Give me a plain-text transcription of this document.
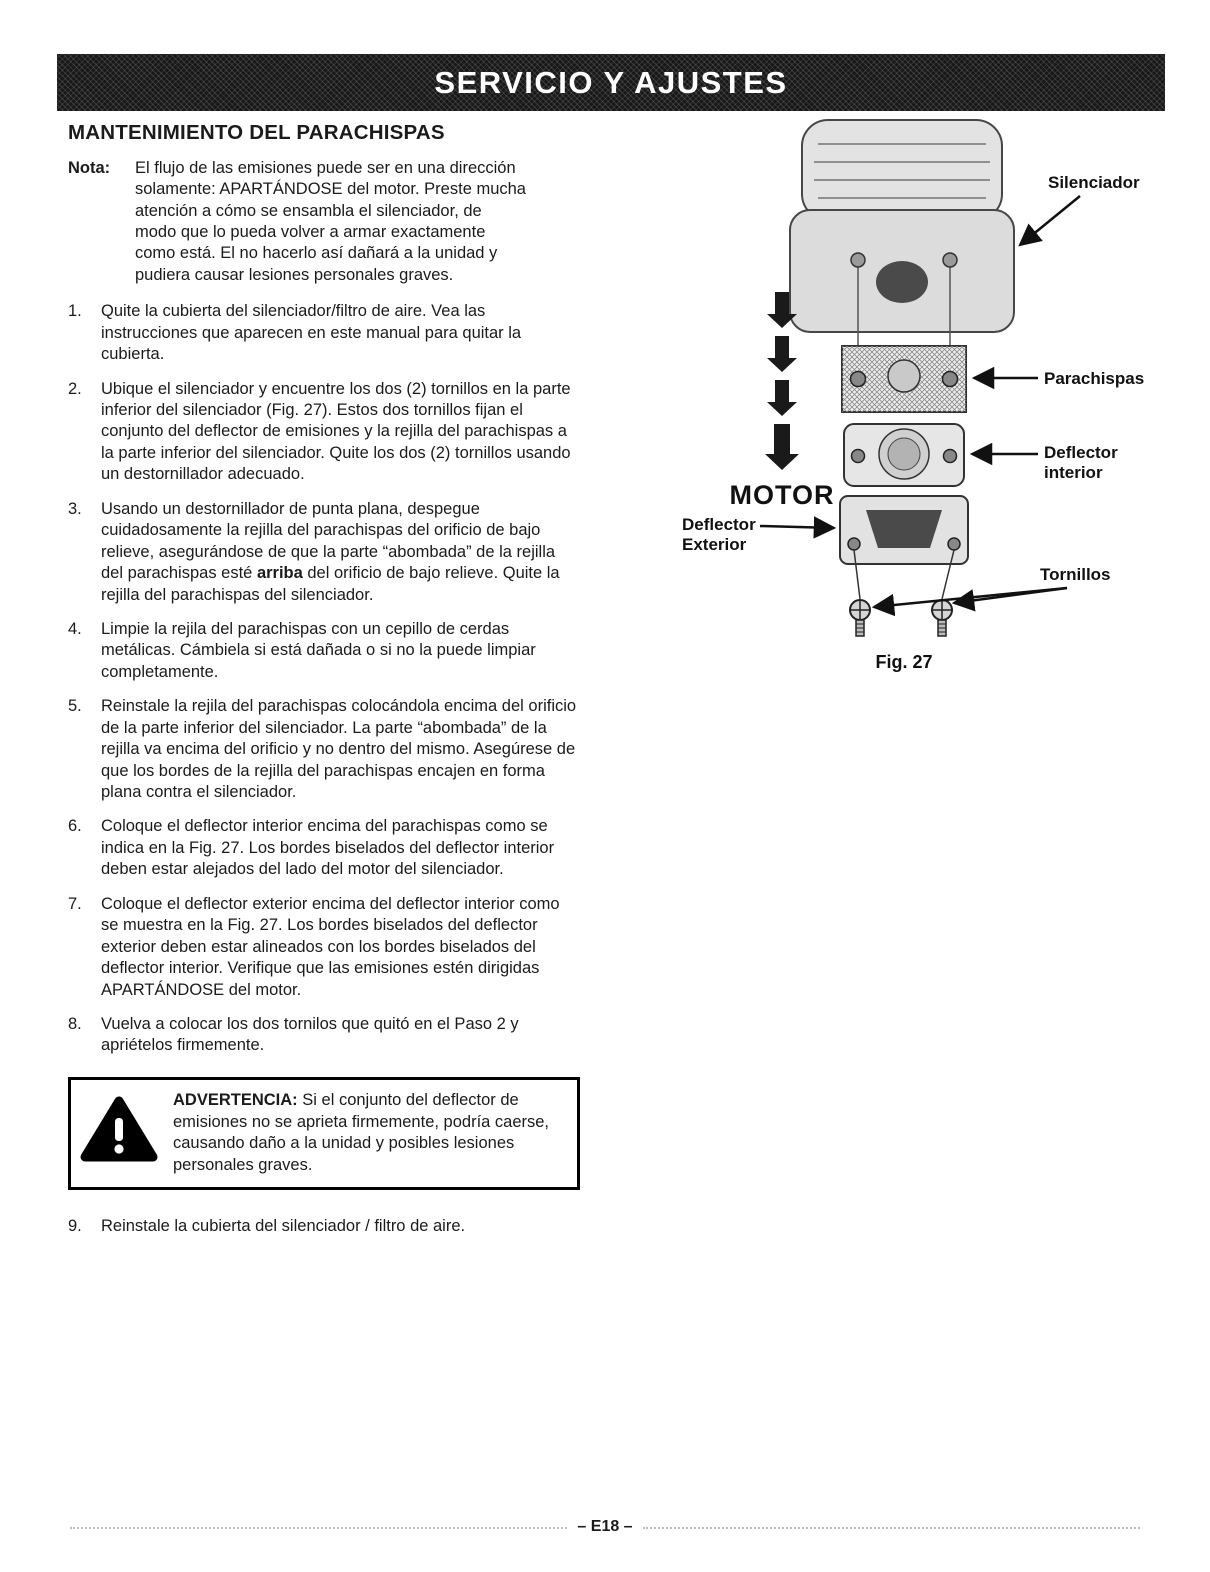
SERVICIO Y AJUSTES
MANTENIMIENTO DEL PARACHISPAS
Nota:	El flujo de las emisiones puede ser en una dirección solamente: APARTÁNDOSE del motor. Preste mucha atención a cómo se ensambla el silenciador, de modo que lo pueda volver a armar exactamente como está. El no hacerlo así dañará a la unidad y pudiera causar lesiones personales graves.
1.	Quite la cubierta del silenciador/filtro de aire. Vea las instrucciones que aparecen en este manual para quitar la cubierta.
2.	Ubique el silenciador y encuentre los dos (2) tornillos en la parte inferior del silenciador (Fig. 27). Estos dos tornillos fijan el conjunto del deflector de emisiones y la rejilla del parachispas a la parte inferior del silenciador. Quite los dos (2) tornillos usando un destornillador adecuado.
3.	Usando un destornillador de punta plana, despegue cuidadosamente la rejilla del parachispas del orificio de bajo relieve, asegurándose de que la parte “abombada” de la rejilla del parachispas esté arriba del orificio de bajo relieve. Quite la rejilla del parachispas del silenciador.
4.	Limpie la rejila del parachispas con un cepillo de cerdas metálicas. Cámbiela si está dañada o si no la puede limpiar completamente.
5.	Reinstale la rejila del parachispas colocándola encima del orificio de la parte inferior del silenciador. La parte “abombada” de la rejilla va encima del orificio y no dentro del mismo. Asegúrese de que los bordes de la rejilla del parachispas encajen en forma plana contra el silenciador.
6.	Coloque el deflector interior encima del parachispas como se indica en la Fig. 27. Los bordes biselados del deflector interior deben estar alejados del lado del motor del silenciador.
7.	Coloque el deflector exterior encima del deflector interior como se muestra en la Fig. 27. Los bordes biselados del deflector exterior deben estar alineados con los bordes biselados del deflector interior. Verifique que las emisiones estén dirigidas APARTÁNDOSE del motor.
8.	Vuelva a colocar los dos tornilos que quitó en el Paso 2 y apriételos firmemente.
ADVERTENCIA: Si el conjunto del deflector de emisiones no se aprieta firmemente, podría caerse, causando daño a la unidad y posibles lesiones personales graves.
9.	Reinstale la cubierta del silenciador / filtro de aire.
MOTOR
Silenciador
Parachispas
Deflector
interior
Deflector
Exterior
Tornillos
Fig. 27
– E18 –
